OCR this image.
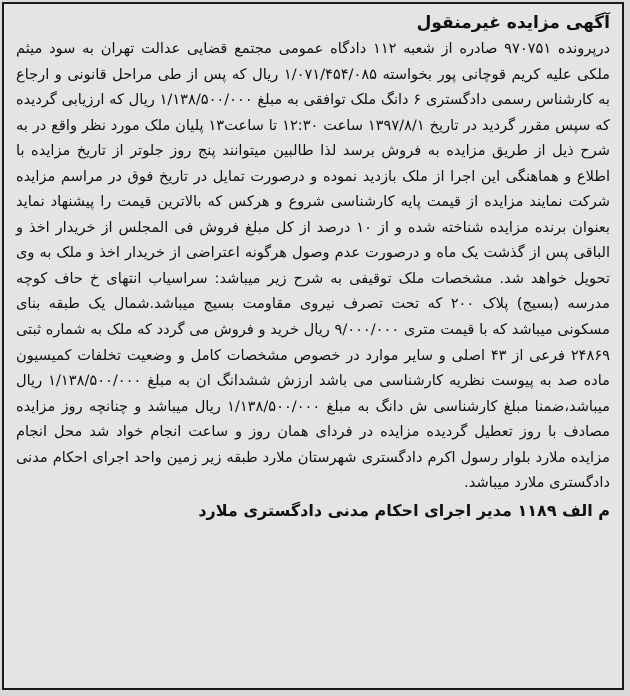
آگهی مزایده غیرمنقول

درپرونده ۹۷۰۷۵۱ صادره از شعبه ۱۱۲ دادگاه عمومی مجتمع قضایی عدالت تهران به سود میثم ملکی علیه کریم قوچانی پور بخواسته ۱/۰۷۱/۴۵۴/۰۸۵ ریال که پس از طی مراحل قانونی و ارجاع به کارشناس رسمی دادگستری ۶ دانگ ملک توافقی به مبلغ ۱/۱۳۸/۵۰۰/۰۰۰ ریال که ارزیابی گردیده که سپس مقرر گردید در تاریخ ۱۳۹۷/۸/۱ ساعت ۱۲:۳۰ تا ساعت۱۳ پلیان ملک مورد نظر واقع در به شرح ذیل از طریق مزایده به فروش برسد لذا طالبین میتوانند پنج روز جلوتر از تاریخ مزایده با اطلاع و هماهنگی این اجرا از ملک بازدید نموده و درصورت تمایل در تاریخ فوق در مراسم مزایده شرکت نمایند مزایده از قیمت پایه کارشناسی شروع و هرکس که بالاترین قیمت را پیشنهاد نماید بعنوان برنده مزایده شناخته شده و از ۱۰ درصد از کل مبلغ فروش فی المجلس از خریدار اخذ و الباقی پس از گذشت یک ماه و درصورت عدم وصول هرگونه اعتراضی از خریدار اخذ و ملک به وی تحویل خواهد شد. مشخصات ملک توقیفی به شرح زیر میباشد: سراسیاب انتهای خ حاف کوچه مدرسه (بسیج) پلاک ۲۰۰ که تحت تصرف نیروی مقاومت بسیج میباشد.شمال یک طبقه بنای مسکونی میباشد که با قیمت متری ۹/۰۰۰/۰۰۰ ریال خرید و فروش می گردد که ملک به شماره ثبتی ۲۴۸۶۹ فرعی از ۴۳ اصلی و سایر موارد در خصوص مشخصات کامل و وضعیت تخلفات کمیسیون ماده صد به پیوست نظریه کارشناسی می باشد ارزش ششدانگ ان به مبلغ ۱/۱۳۸/۵۰۰/۰۰۰ ریال میباشد،ضمنا مبلغ کارشناسی ش دانگ به مبلغ ۱/۱۳۸/۵۰۰/۰۰۰ ریال میباشد و چنانچه روز مزایده مصادف با روز تعطیل گردیده مزایده در فردای همان روز و ساعت انجام خواد شد محل انجام مزایده ملارد بلوار رسول اکرم دادگستری شهرستان ملارد طبقه زیر زمین واحد اجرای احکام مدنی دادگستری ملارد میباشد.

م الف ۱۱۸۹ مدیر اجرای احکام مدنی دادگستری ملارد
